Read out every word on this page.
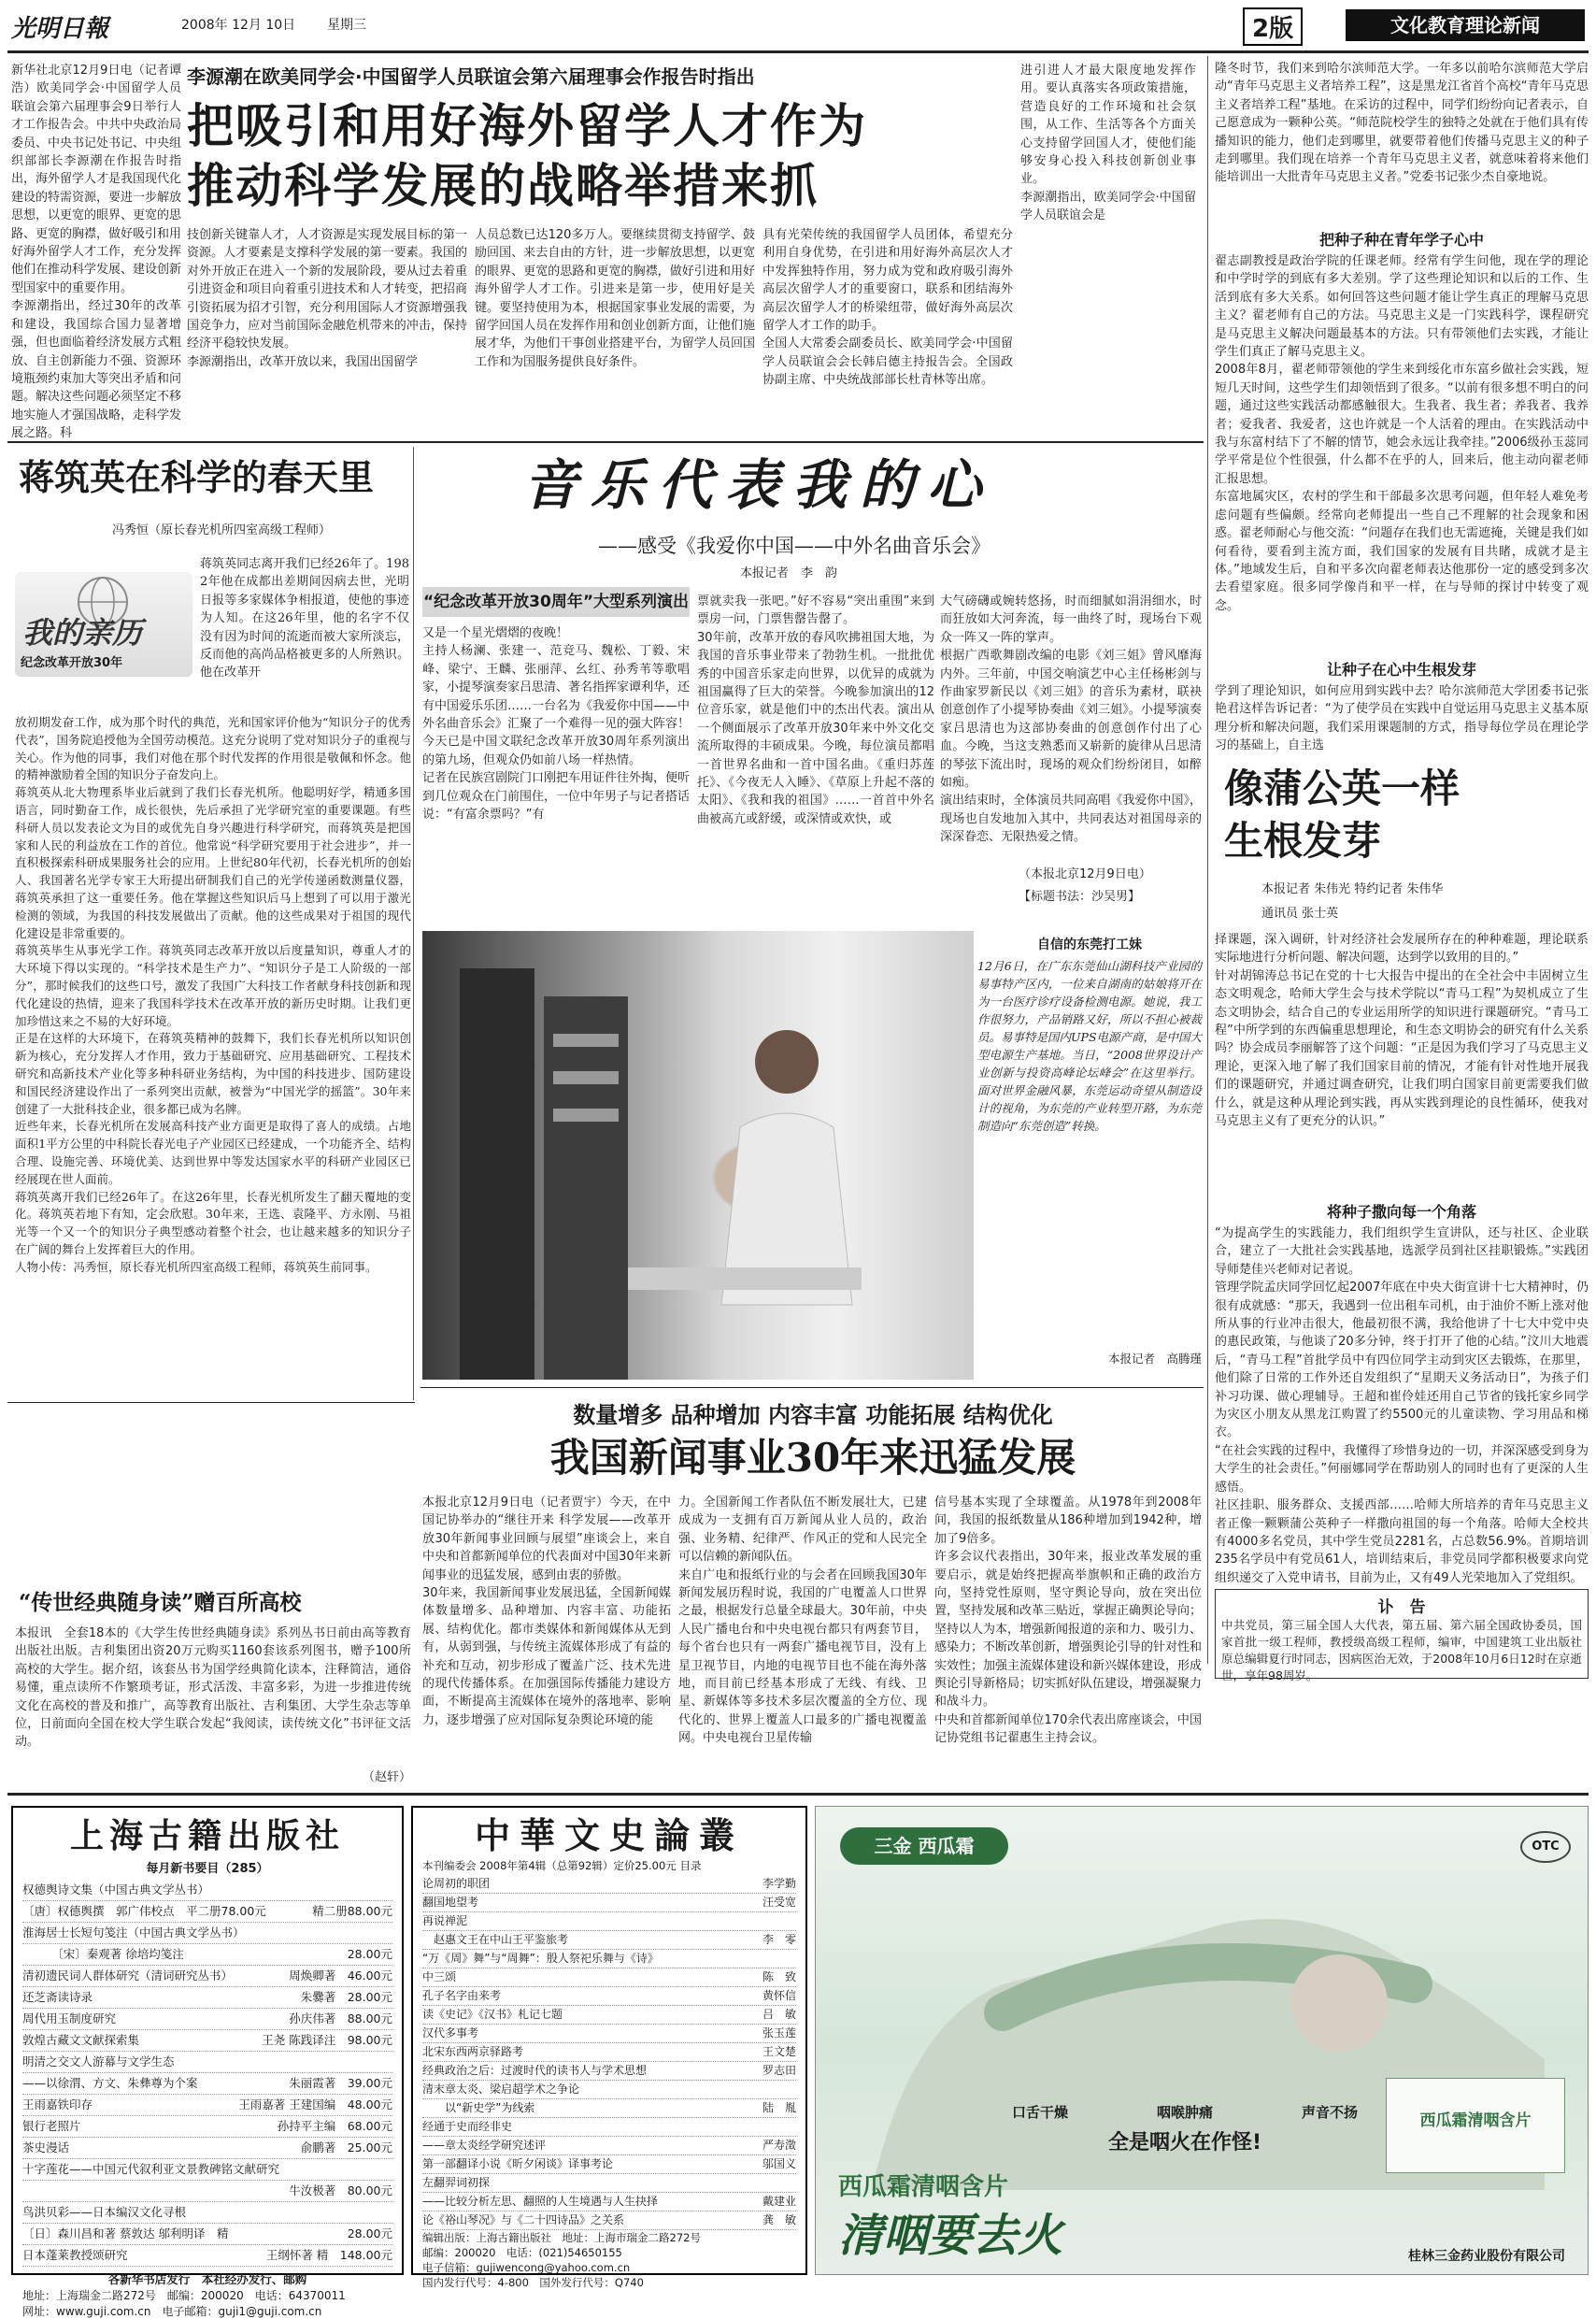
光明日報	2008年 12月 10日 星期三	2版	文化教育理论新闻
李源潮在欧美同学会·中国留学人员联谊会第六届理事会作报告时指出
把吸引和用好海外留学人才作为
推动科学发展的战略举措来抓
进引进人才最大限度地发挥作用。要认真落实各项政策措施，营造良好的工作环境和社会氛围，从工作、生活等各个方面关心支持留学回国人才，使他们能够安身心投入科技创新创业事业。
李源潮指出，欧美同学会·中国留学人员联谊会是
新华社北京12月9日电（记者谭浩）欧美同学会·中国留学人员联谊会第六届理事会9日举行人才工作报告会。中共中央政治局委员、中央书记处书记、中央组织部部长李源潮在作报告时指出，海外留学人才是我国现代化建设的特需资源，要进一步解放思想，以更宽的眼界、更宽的思路、更宽的胸襟，做好吸引和用好海外留学人才工作，充分发挥他们在推动科学发展、建设创新型国家中的重要作用。
李源潮指出，经过30年的改革和建设，我国综合国力显著增强，但也面临着经济发展方式粗放、自主创新能力不强、资源环境瓶颈约束加大等突出矛盾和问题。解决这些问题必须坚定不移地实施人才强国战略，走科学发展之路。科
技创新关键靠人才，人才资源是实现发展目标的第一资源。人才要素是支撑科学发展的第一要素。我国的对外开放正在进入一个新的发展阶段，要从过去着重引进资金和项目向着重引进技术和人才转变，把招商引资拓展为招才引智，充分利用国际人才资源增强我国竞争力，应对当前国际金融危机带来的冲击，保持经济平稳较快发展。
李源潮指出，改革开放以来，我国出国留学
人员总数已达120多万人。要继续贯彻支持留学、鼓励回国、来去自由的方针，进一步解放思想，以更宽的眼界、更宽的思路和更宽的胸襟，做好引进和用好海外留学人才工作。引进来是第一步，使用好是关键。要坚持使用为本，根据国家事业发展的需要，为留学回国人员在发挥作用和创业创新方面，让他们施展才华，为他们干事创业搭建平台，为留学人员回国工作和为国服务提供良好条件。
具有光荣传统的我国留学人员团体，希望充分利用自身优势，在引进和用好海外高层次人才中发挥独特作用，努力成为党和政府吸引海外高层次留学人才的重要窗口，联系和团结海外高层次留学人才的桥梁纽带，做好海外高层次留学人才工作的助手。
全国人大常委会副委员长、欧美同学会·中国留学人员联谊会会长韩启德主持报告会。全国政协副主席、中央统战部部长杜青林等出席。
隆冬时节，我们来到哈尔滨师范大学。一年多以前哈尔滨师范大学启动“青年马克思主义者培养工程”，这是黑龙江省首个高校“青年马克思主义者培养工程”基地。在采访的过程中，同学们纷纷向记者表示，自己愿意成为一颗种公英。“师范院校学生的独特之处就在于他们具有传播知识的能力，他们走到哪里，就要带着他们传播马克思主义的种子走到哪里。我们现在培养一个青年马克思主义者，就意味着将来他们能培训出一大批青年马克思主义者。”党委书记张少杰自豪地说。
把种子种在青年学子心中
翟志副教授是政治学院的任课老师。经常有学生问他，现在学的理论和中学时学的到底有多大差别。学了这些理论知识和以后的工作、生活到底有多大关系。如何回答这些问题才能让学生真正的理解马克思主义？翟老师有自己的方法。马克思主义是一门实践科学，课程研究是马克思主义解决问题最基本的方法。只有带领他们去实践，才能让学生们真正了解马克思主义。
2008年8月，翟老师带领他的学生来到绥化市东富乡做社会实践，短短几天时间，这些学生们却领悟到了很多。“以前有很多想不明白的问题，通过这些实践活动都感触很大。生我者、我生者；养我者、我养者；爱我者、我爱者，这也许就是一个人活着的理由。在实践活动中我与东富村结下了不解的情节，她会永远让我牵挂。”2006级孙玉蕊同学平常是位个性很强，什么都不在乎的人，回来后，他主动向翟老师汇报思想。
东富地属灾区，农村的学生和干部最多次思考问题，但年轻人难免考虑问题有些偏颇。经常向老师提出一些自己不理解的社会现象和困惑。翟老师耐心与他交流：“问题存在我们也无需遮掩，关键是我们如何看待，要看到主流方面，我们国家的发展有目共睹，成就才是主体。”地域发生后，自和平多次向翟老师表达他那份一定的感受到多次去看望家庭。很多同学像肖和平一样，在与导师的探讨中转变了观念。
让种子在心中生根发芽
学到了理论知识，如何应用到实践中去？哈尔滨师范大学团委书记张艳君这样告诉记者：“为了使学员在实践中自觉运用马克思主义基本原理分析和解决问题，我们采用课题制的方式，指导每位学员在理论学习的基础上，自主选
像蒲公英一样
生根发芽
本报记者 朱伟光 特约记者 朱伟华
通讯员 张士英
择课题，深入调研，针对经济社会发展所存在的种种难题，理论联系实际地进行分析问题、解决问题，达到学以致用的目的。”
针对胡锦涛总书记在党的十七大报告中提出的在全社会中丰固树立生态文明观念，哈师大学生会与技术学院以“青马工程”为契机成立了生态文明协会，结合自己的专业运用所学的知识进行课题研究。“青马工程”中所学到的东西偏重思想理论，和生态文明协会的研究有什么关系吗？协会成员李丽解答了这个问题：“正是因为我们学习了马克思主义理论，更深入地了解了我们国家目前的情况，才能有针对性地开展我们的课题研究，并通过调查研究，让我们明白国家目前更需要我们做什么，就是这种从理论到实践，再从实践到理论的良性循环，使我对马克思主义有了更充分的认识。”
将种子撒向每一个角落
“为提高学生的实践能力，我们组织学生宣讲队，还与社区、企业联合，建立了一大批社会实践基地，选派学员到社区挂职锻炼。”实践团导师楚佳兴老师对记者说。
管理学院孟庆同学回忆起2007年底在中央大街宣讲十七大精神时，仍很有成就感：“那天，我遇到一位出租车司机，由于油价不断上涨对他所从事的行业冲击很大，他最初很不满，我给他讲了十七大中党中央的惠民政策，与他谈了20多分钟，终于打开了他的心结。”汶川大地震后，“青马工程”首批学员中有四位同学主动到灾区去锻炼，在那里，他们除了日常的工作外还自发组织了“星期天义务活动日”，为孩子们补习功课、做心理辅导。王超和崔伶娃还用自己节省的钱托家乡同学为灾区小朋友从黑龙江购置了约5500元的儿童读物、学习用品和梯衣。
“在社会实践的过程中，我懂得了珍惜身边的一切，并深深感受到身为大学生的社会责任。”何丽娜同学在帮助别人的同时也有了更深的人生感悟。
社区挂职、服务群众、支援西部……哈师大所培养的青年马克思主义者正像一颗颗蒲公英种子一样撒向祖国的每一个角落。哈师大全校共有4000多名党员，其中学生党员2281名，占总数56.9%。首期培训235名学员中有党员61人，培训结束后，非党员同学都积极要求向党组织递交了入党申请书，目前为止，又有49人光荣地加入了党组织。
讣　告
中共党员，第三届全国人大代表，第五届、第六届全国政协委员，国家首批一级工程师，教授级高级工程师，编审，中国建筑工业出版社原总编辑夏行时同志，因病医治无效，于2008年10月6日12时在京逝世，享年98周岁。
蒋筑英在科学的春天里
冯秀恒（原长春光机所四室高级工程师）
我的亲历
纪念改革开放30年
蒋筑英同志离开我们已经26年了。1982年他在成都出差期间因病去世，光明日报等多家媒体争相报道，使他的事迹为人知。在这26年里，他的名字不仅没有因为时间的流逝而被大家所淡忘，反而他的高尚品格被更多的人所熟识。他在改革开
放初期发奋工作，成为那个时代的典范，光和国家评价他为“知识分子的优秀代表”，国务院追授他为全国劳动模范。这充分说明了党对知识分子的重视与关心。作为他的同事，我们对他在那个时代发挥的作用很是敬佩和怀念。他的精神激励着全国的知识分子奋发向上。
蒋筑英从北大物理系毕业后就到了我们长春光机所。他聪明好学，精通多国语言，同时勤奋工作，成长很快，先后承担了光学研究室的重要课题。有些科研人员以发表论文为目的或优先自身兴趣进行科学研究，而蒋筑英是把国家和人民的利益放在工作的首位。他常说“科学研究要用于社会进步”，并一直积极探索科研成果服务社会的应用。上世纪80年代初，长春光机所的创始人、我国著名光学专家王大珩提出研制我们自己的光学传递函数测量仪器，蒋筑英承担了这一重要任务。他在掌握这些知识后马上想到了可以用于激光检测的领域，为我国的科技发展做出了贡献。他的这些成果对于祖国的现代化建设是非常重要的。
蒋筑英毕生从事光学工作。蒋筑英同志改革开放以后度量知识，尊重人才的大环境下得以实现的。“科学技术是生产力”、“知识分子是工人阶级的一部分”，那时候我们的这些口号，激发了我国广大科技工作者献身科技创新和现代化建设的热情，迎来了我国科学技术在改革开放的新历史时期。让我们更加珍惜这来之不易的大好环境。
正是在这样的大环境下，在蒋筑英精神的鼓舞下，我们长春光机所以知识创新为核心，充分发挥人才作用，致力于基础研究、应用基础研究、工程技术研究和高新技术产业化等多种科研业务结构，为中国的科技进步、国防建设和国民经济建设作出了一系列突出贡献，被誉为“中国光学的摇篮”。30年来创建了一大批科技企业，很多都已成为名牌。
近些年来，长春光机所在发展高科技产业方面更是取得了喜人的成绩。占地面积1平方公里的中科院长春光电子产业园区已经建成，一个功能齐全、结构合理、设施完善、环境优美、达到世界中等发达国家水平的科研产业园区已经展现在世人面前。
蒋筑英离开我们已经26年了。在这26年里，长春光机所发生了翻天覆地的变化。蒋筑英若地下有知，定会欣慰。30年来，王选、袁隆平、方永刚、马祖光等一个又一个的知识分子典型感动着整个社会，也让越来越多的知识分子在广阔的舞台上发挥着巨大的作用。
人物小传：冯秀恒，原长春光机所四室高级工程师，蒋筑英生前同事。
音乐代表我的心
——感受《我爱你中国——中外名曲音乐会》
本报记者　李　韵
“纪念改革开放30周年”大型系列演出
又是一个星光熠熠的夜晚！
主持人杨澜、张建一、范竞马、魏松、丁毅、宋峰、梁宁、王麟、张丽萍、幺红、孙秀苇等歌唱家，小提琴演奏家吕思清、著名指挥家谭利华，还有中国爱乐乐团……一台名为《我爱你中国——中外名曲音乐会》汇聚了一个难得一见的强大阵容！
今天已是中国文联纪念改革开放30周年系列演出的第九场，但观众仍如前八场一样热情。
记者在民族宫剧院门口刚把车用证件往外掏，便听到几位观众在门前围住，一位中年男子与记者搭话说：“有富余票吗？”有
票就卖我一张吧。”好不容易“突出重围”来到票房一问，门票售罄告罄了。
30年前，改革开放的春风吹拂祖国大地，为我国的音乐事业带来了勃勃生机。一批批优秀的中国音乐家走向世界，以优异的成就为祖国赢得了巨大的荣誉。今晚参加演出的12位音乐家，就是他们中的杰出代表。演出从一个侧面展示了改革开放30年来中外文化交流所取得的丰硕成果。今晚，每位演员都唱一首世界名曲和一首中国名曲。《重归苏莲托》、《今夜无人入睡》、《草原上升起不落的太阳》、《我和我的祖国》……一首首中外名曲被高亢或舒缓，或深情或欢快，或
大气磅礴或婉转悠扬，时而细腻如涓涓细水，时而狂放如大河奔流，每一曲终了时，现场台下观众一阵又一阵的掌声。
根据广西歌舞剧改编的电影《刘三姐》曾风靡海内外。三年前，中国交响演艺中心主任杨彬剑与作曲家罗新民以《刘三姐》的音乐为素材，联袂创意创作了小提琴协奏曲《刘三姐》。小提琴演奏家吕思清也为这部协奏曲的创意创作付出了心血。今晚，当这支熟悉而又崭新的旋律从吕思清的琴弦下流出时，现场的观众们纷纷闭目，如醉如痴。
演出结束时，全体演员共同高唱《我爱你中国》，现场也自发地加入其中，共同表达对祖国母亲的深深眷恋、无限热爱之情。
（本报北京12月9日电）
【标题书法：沙吴男】
自信的东莞打工妹
12月6日，在广东东莞仙山湖科技产业园的易事特产区内，一位来自湖南的姑娘将开在为一台医疗诊疗设备检测电源。她说，我工作很努力，产品销路又好，所以不担心被裁员。易事特是国内UPS电源产商，是中国大型电源生产基地。当日，“2008世界设计产业创新与投资高峰论坛峰会”在这里举行。面对世界金融风暴，东莞运动奇望从制造设计的视角，为东莞的产业转型开路，为东莞制造向“东莞创造”转换。
本报记者　高腾瑾
数量增多 品种增加 内容丰富 功能拓展 结构优化
我国新闻事业30年来迅猛发展
本报北京12月9日电（记者贾宇）今天，在中国记协举办的“继往开来 科学发展——改革开放30年新闻事业回顾与展望”座谈会上，来自中央和首都新闻单位的代表面对中国30年来新闻事业的迅猛发展，感到由衷的骄傲。
30年来，我国新闻事业发展迅猛，全国新闻媒体数量增多、品种增加、内容丰富、功能拓展、结构优化。都市类媒体和新闻媒体从无到有，从弱到强，与传统主流媒体形成了有益的补充和互动，初步形成了覆盖广泛、技术先进的现代传播体系。在加强国际传播能力建设方面，不断提高主流媒体在境外的落地率、影响力，逐步增强了应对国际复杂舆论环境的能
力。全国新闻工作者队伍不断发展壮大，已建成成为一支拥有百万新闻从业人员的，政治强、业务精、纪律严、作风正的党和人民完全可以信赖的新闻队伍。
来自广电和报纸行业的与会者在回顾我国30年新闻发展历程时说，我国的广电覆盖人口世界之最，根据发行总量全球最大。30年前，中央人民广播电台和中央电视台都只有两套节目，每个省台也只有一两套广播电视节目，没有上星卫视节目，内地的电视节目也不能在海外落地，而目前已经基本形成了无线、有线、卫星、新媒体等多技术多层次覆盖的全方位、现代化的、世界上覆盖人口最多的广播电视覆盖网。中央电视台卫星传输
信号基本实现了全球覆盖。从1978年到2008年间，我国的报纸数量从186种增加到1942种，增加了9倍多。
许多会议代表指出，30年来，报业改革发展的重要启示，就是始终把握高举旗帜和正确的政治方向，坚持党性原则，坚守舆论导向，放在突出位置，坚持发展和改革三贴近，掌握正确舆论导向；坚持以人为本，增强新闻报道的亲和力、吸引力、感染力；不断改革创新，增强舆论引导的针对性和实效性；加强主流媒体建设和新兴媒体建设，形成舆论引导新格局；切实抓好队伍建设，增强凝聚力和战斗力。
中央和首都新闻单位170余代表出席座谈会，中国记协党组书记翟惠生主持会议。
“传世经典随身读”赠百所高校
本报讯　全套18本的《大学生传世经典随身读》系列丛书日前由高等教育出版社出版。吉利集团出资20万元购买1160套该系列图书，赠予100所高校的大学生。据介绍，该套丛书为国学经典简化读本，注释简洁，通俗易懂，重点读所不作繁琐考证，形式活泼、丰富多彩，为进一步推进传统文化在高校的普及和推广，高等教育出版社、吉利集团、大学生杂志等单位，日前面向全国在校大学生联合发起“我阅读，读传统文化”书评征文活动。
（赵轩）
上海古籍出版社
每月新书要目（285）
权德舆诗文集（中国古典文学丛书）
〔唐〕权德舆撰　郭广伟校点　平二册78.00元	精二册88.00元
淮海居士长短句笺注（中国古典文学丛书）
　　　〔宋〕秦观著 徐培均笺注	28.00元
清初遗民词人群体研究（清词研究丛书）	周焕卿著　46.00元
还芝斋读诗录	朱爨著　28.00元
周代用玉制度研究	孙庆伟著　88.00元
敦煌古藏文文献探索集	王尧 陈践译注　98.00元
明清之交文人游幕与文学生态
——以徐渭、方文、朱彝尊为个案	朱丽霞著　39.00元
王雨嘉铁印存	王雨嘉著 王建国编　48.00元
银行老照片	孙持平主编　68.00元
茶史漫话	俞鹏著　25.00元
十字莲花——中国元代叙利亚文景教碑铭文献研究
牛汝极著　80.00元
鸟洪贝彩——日本编汉文化寻根
〔日〕森川昌和著 蔡敦达 邬利明译　精	28.00元
日本蓬莱教授颂研究	王纲怀著 精　148.00元
各新华书店发行　本社经办发行、邮购
地址：上海瑞金二路272号　邮编：200020　电话：64370011
网址：www.guji.com.cn　电子邮箱：guji1@guji.com.cn
中華文史論叢
本刊编委会 2008年第4辑（总第92辑）定价25.00元 目录
论周初的职团	李学勤
翻国地望考	汪受宽
再说禅泥
　赵惠文王在中山王平鉴旅考	李　零
“万《周》舞”与“周舞”：殷人祭祀乐舞与《诗》
中三颂	陈　致
孔子名字由来考	黄怀信
读《史记》《汉书》札记七题	吕　敏
汉代多事考	张玉莲
北宋东西两京驿路考	王文楚
经典政治之后：过渡时代的读书人与学术思想	罗志田
清末章太炎、梁启超学术之争论
　　以“新史学”为线索	陆　胤
经通于史而经非史
——章太炎经学研究述评	严寿澂
第一部翻译小说《昕夕闲谈》译事考论	邬国义
左翻羿词初探
——比较分析左思、翻照的人生境遇与人生抉择	戴建业
论《裕山琴况》与《二十四诗品》之关系	龚　敏
编辑出版：上海古籍出版社　地址：上海市瑞金二路272号
邮编：200020　电话：(021)54650155
电子信箱：gujiwencong@yahoo.com.cn
国内发行代号：4-800　国外发行代号：Q740
三金 西瓜霜	OTC
西瓜霜清咽含片
口舌干燥	咽喉肿痛	声音不扬
全是咽火在作怪!
西瓜霜清咽含片
清咽要去火	桂林三金药业股份有限公司
